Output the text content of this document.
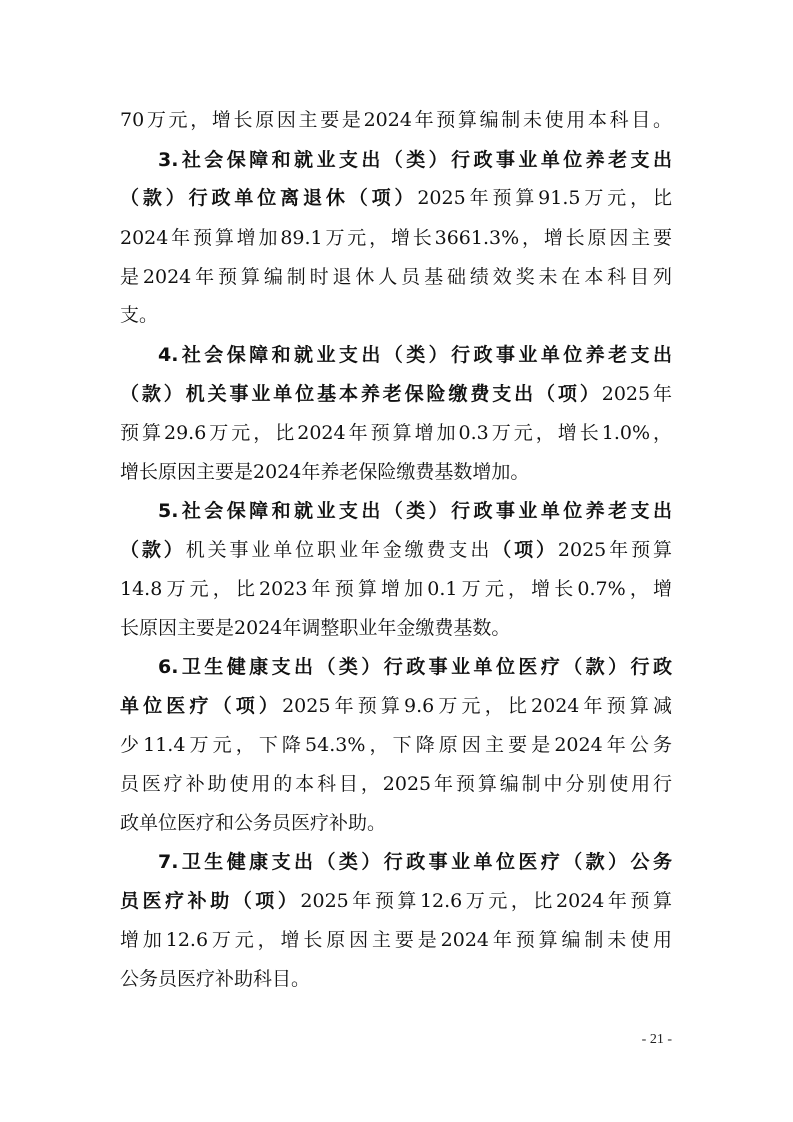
70万元，增长原因主要是2024年预算编制未使用本科目。
3.社会保障和就业支出（类）行政事业单位养老支出
（款）行政单位离退休（项）2025年预算91.5万元，比
2024年预算增加89.1万元，增长3661.3%，增长原因主要
是2024年预算编制时退休人员基础绩效奖未在本科目列
支。
4.社会保障和就业支出（类）行政事业单位养老支出
（款）机关事业单位基本养老保险缴费支出（项）2025年
预算29.6万元，比2024年预算增加0.3万元，增长1.0%，
增长原因主要是2024年养老保险缴费基数增加。
5.社会保障和就业支出（类）行政事业单位养老支出
（款）机关事业单位职业年金缴费支出（项）2025年预算
14.8万元，比2023年预算增加0.1万元，增长0.7%，增
长原因主要是2024年调整职业年金缴费基数。
6.卫生健康支出（类）行政事业单位医疗（款）行政
单位医疗（项）2025年预算9.6万元，比2024年预算减
少11.4万元，下降54.3%，下降原因主要是2024年公务
员医疗补助使用的本科目，2025年预算编制中分别使用行
政单位医疗和公务员医疗补助。
7.卫生健康支出（类）行政事业单位医疗（款）公务
员医疗补助（项）2025年预算12.6万元，比2024年预算
增加12.6万元，增长原因主要是2024年预算编制未使用
公务员医疗补助科目。
- 21 -
